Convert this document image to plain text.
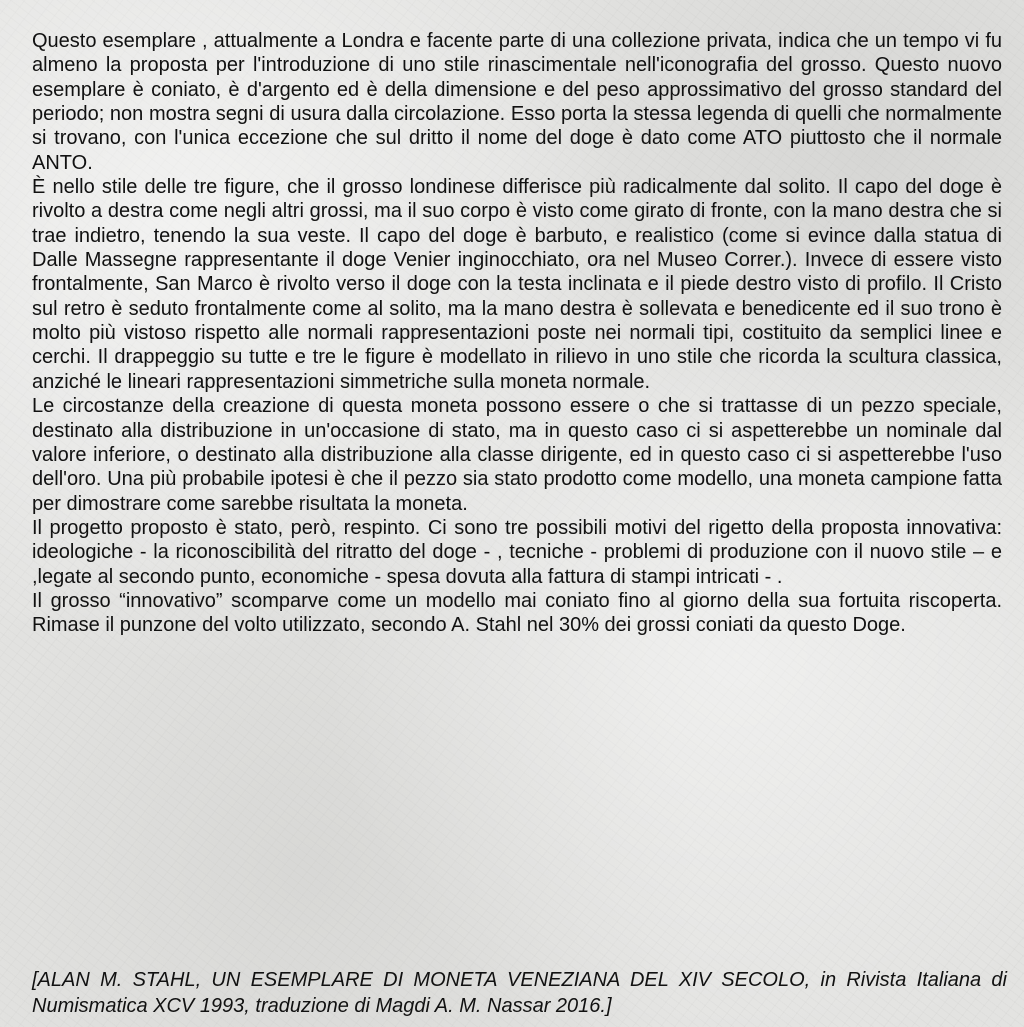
Questo esemplare , attualmente a Londra e facente parte di una collezione privata, indica che un tempo vi fu almeno la proposta per l'introduzione di uno stile rinascimentale nell'iconografia del grosso. Questo nuovo esemplare è coniato, è d'argento ed è della dimensione e del peso approssimativo del grosso standard del periodo; non mostra segni di usura dalla circolazione. Esso porta la stessa legenda di quelli che normalmente si trovano, con l'unica eccezione che sul dritto il nome del doge è dato come ATO piuttosto che il normale ANTO.

È nello stile delle tre figure, che il grosso londinese differisce più radicalmente dal solito. Il capo del doge è rivolto a destra come negli altri grossi, ma il suo corpo è visto come girato di fronte, con la mano destra che si trae indietro, tenendo la sua veste. Il capo del doge è barbuto, e realistico (come si evince dalla statua di Dalle Massegne rappresentante il doge Venier inginocchiato, ora nel Museo Correr.). Invece di essere visto frontalmente, San Marco è rivolto verso il doge con la testa inclinata e il piede destro visto di profilo. Il Cristo sul retro è seduto frontalmente come al solito, ma la mano destra è sollevata e benedicente ed il suo trono è molto più vistoso rispetto alle normali rappresentazioni poste nei normali tipi, costituito da semplici linee e cerchi. Il drappeggio su tutte e tre le figure è modellato in rilievo in uno stile che ricorda la scultura classica, anziché le lineari rappresentazioni simmetriche sulla moneta normale.

Le circostanze della creazione di questa moneta possono essere o che si trattasse di un pezzo speciale, destinato alla distribuzione in un'occasione di stato, ma in questo caso ci si aspetterebbe un nominale dal valore inferiore, o destinato alla distribuzione alla classe dirigente, ed in questo caso ci si aspetterebbe l'uso dell'oro. Una più probabile ipotesi è che il pezzo sia stato prodotto come modello, una moneta campione fatta per dimostrare come sarebbe risultata la moneta.

Il progetto proposto è stato, però, respinto. Ci sono tre possibili motivi del rigetto della proposta innovativa: ideologiche - la riconoscibilità del ritratto del doge - , tecniche - problemi di produzione con il nuovo stile – e ,legate al secondo punto, economiche - spesa dovuta alla fattura di stampi intricati - .

Il grosso “innovativo” scomparve come un modello mai coniato fino al giorno della sua fortuita riscoperta. Rimase il punzone del volto utilizzato, secondo A. Stahl nel 30% dei grossi coniati da questo Doge.

[ALAN M. STAHL, UN ESEMPLARE DI MONETA VENEZIANA DEL XIV SECOLO, in Rivista Italiana di Numismatica XCV 1993, traduzione di Magdi A. M. Nassar 2016.]
